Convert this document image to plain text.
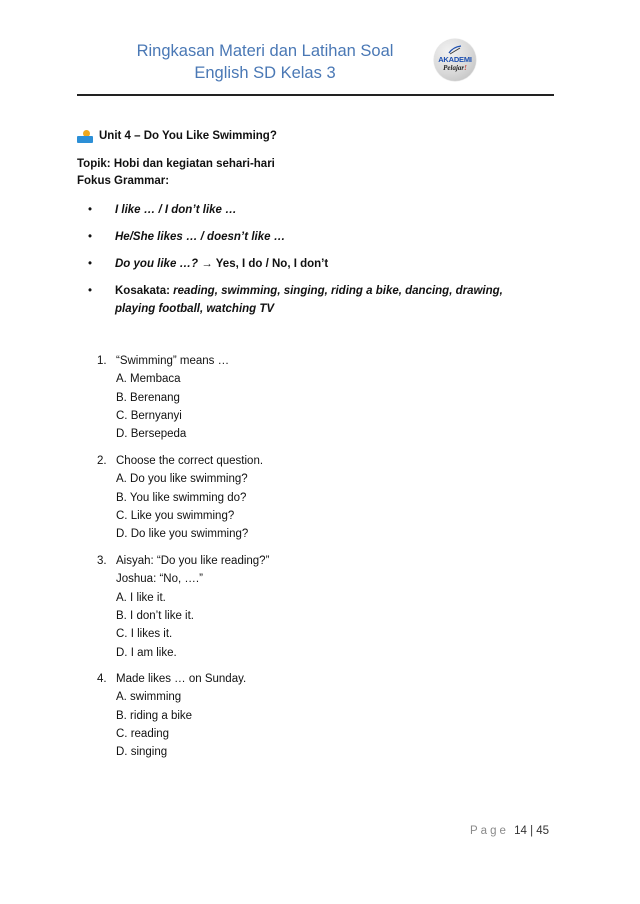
Ringkasan Materi dan Latihan Soal
English SD Kelas 3
AKADEMI
Pelajar!
Unit 4 – Do You Like Swimming?
Topik: Hobi dan kegiatan sehari-hari
Fokus Grammar:
• I like … / I don’t like …
• He/She likes … / doesn’t like …
• Do you like …? → Yes, I do / No, I don’t
• Kosakata: reading, swimming, singing, riding a bike, dancing, drawing, playing football, watching TV
1. “Swimming” means …
A. Membaca
B. Berenang
C. Bernyanyi
D. Bersepeda
2. Choose the correct question.
A. Do you like swimming?
B. You like swimming do?
C. Like you swimming?
D. Do like you swimming?
3. Aisyah: “Do you like reading?”
Joshua: “No, ….”
A. I like it.
B. I don’t like it.
C. I likes it.
D. I am like.
4. Made likes … on Sunday.
A. swimming
B. riding a bike
C. reading
D. singing
Page 14 | 45
